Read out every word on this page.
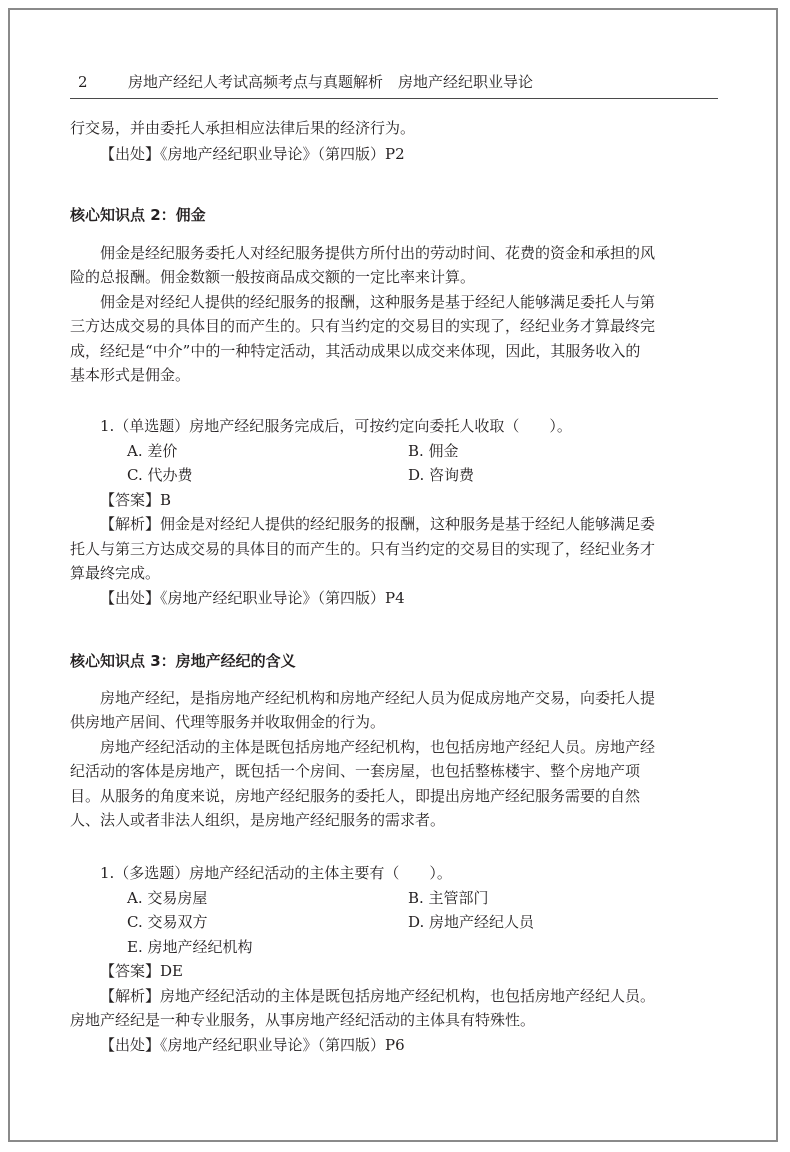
2	房地产经纪人考试高频考点与真题解析　房地产经纪职业导论
行交易，并由委托人承担相应法律后果的经济行为。
【出处】《房地产经纪职业导论》（第四版）P2
核心知识点 2：佣金
佣金是经纪服务委托人对经纪服务提供方所付出的劳动时间、花费的资金和承担的风
险的总报酬。佣金数额一般按商品成交额的一定比率来计算。
佣金是对经纪人提供的经纪服务的报酬，这种服务是基于经纪人能够满足委托人与第
三方达成交易的具体目的而产生的。只有当约定的交易目的实现了，经纪业务才算最终完
成，经纪是“中介”中的一种特定活动，其活动成果以成交来体现，因此，其服务收入的
基本形式是佣金。
1.（单选题）房地产经纪服务完成后，可按约定向委托人收取（　　）。
A. 差价	B. 佣金
C. 代办费	D. 咨询费
【答案】B
【解析】佣金是对经纪人提供的经纪服务的报酬，这种服务是基于经纪人能够满足委
托人与第三方达成交易的具体目的而产生的。只有当约定的交易目的实现了，经纪业务才
算最终完成。
【出处】《房地产经纪职业导论》（第四版）P4
核心知识点 3：房地产经纪的含义
房地产经纪，是指房地产经纪机构和房地产经纪人员为促成房地产交易，向委托人提
供房地产居间、代理等服务并收取佣金的行为。
房地产经纪活动的主体是既包括房地产经纪机构，也包括房地产经纪人员。房地产经
纪活动的客体是房地产，既包括一个房间、一套房屋，也包括整栋楼宇、整个房地产项
目。从服务的角度来说，房地产经纪服务的委托人，即提出房地产经纪服务需要的自然
人、法人或者非法人组织，是房地产经纪服务的需求者。
1.（多选题）房地产经纪活动的主体主要有（　　）。
A. 交易房屋	B. 主管部门
C. 交易双方	D. 房地产经纪人员
E. 房地产经纪机构
【答案】DE
【解析】房地产经纪活动的主体是既包括房地产经纪机构，也包括房地产经纪人员。
房地产经纪是一种专业服务，从事房地产经纪活动的主体具有特殊性。
【出处】《房地产经纪职业导论》（第四版）P6
